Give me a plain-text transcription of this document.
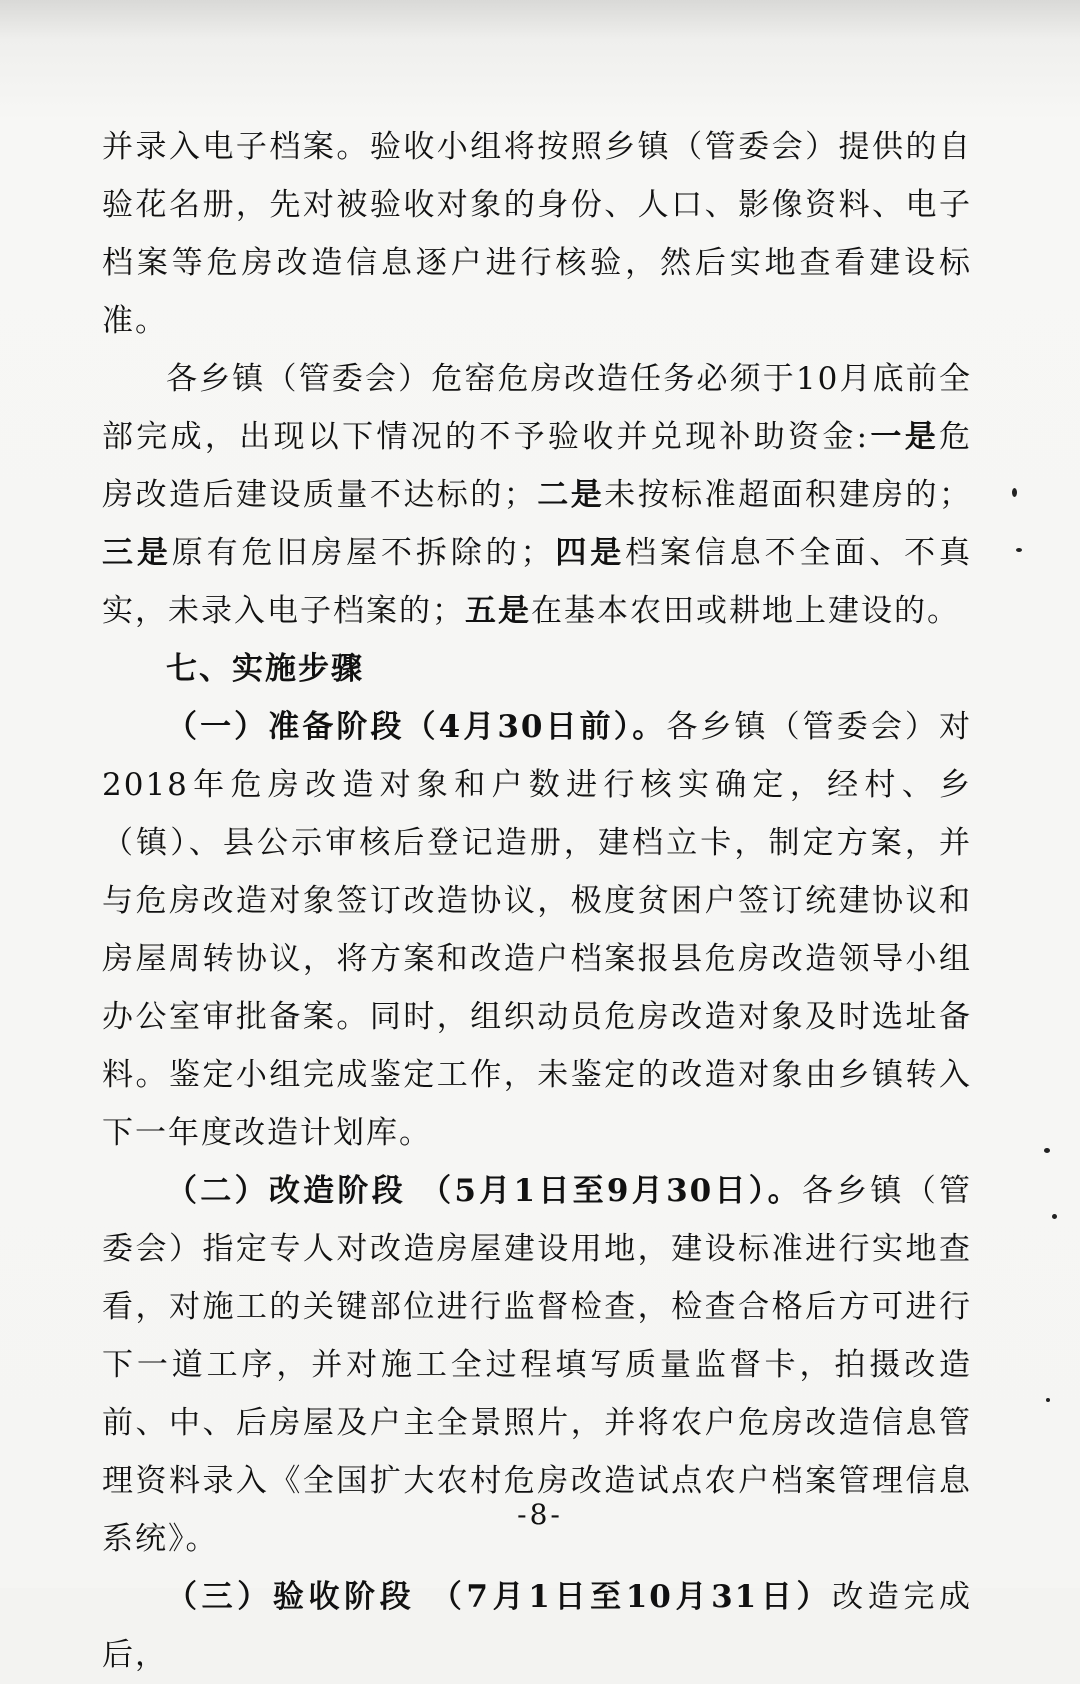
并录入电子档案。验收小组将按照乡镇（管委会）提供的自验花名册，先对被验收对象的身份、人口、影像资料、电子档案等危房改造信息逐户进行核验，然后实地查看建设标准。

各乡镇（管委会）危窑危房改造任务必须于10月底前全部完成，出现以下情况的不予验收并兑现补助资金:一是危房改造后建设质量不达标的；二是未按标准超面积建房的；三是原有危旧房屋不拆除的；四是档案信息不全面、不真实，未录入电子档案的；五是在基本农田或耕地上建设的。

七、实施步骤

（一）准备阶段（4月30日前）。各乡镇（管委会）对2018年危房改造对象和户数进行核实确定，经村、乡（镇）、县公示审核后登记造册，建档立卡，制定方案，并与危房改造对象签订改造协议，极度贫困户签订统建协议和房屋周转协议，将方案和改造户档案报县危房改造领导小组办公室审批备案。同时，组织动员危房改造对象及时选址备料。鉴定小组完成鉴定工作，未鉴定的改造对象由乡镇转入下一年度改造计划库。

（二）改造阶段 （5月1日至9月30日）。各乡镇（管委会）指定专人对改造房屋建设用地，建设标准进行实地查看，对施工的关键部位进行监督检查，检查合格后方可进行下一道工序，并对施工全过程填写质量监督卡，拍摄改造前、中、后房屋及户主全景照片，并将农户危房改造信息管理资料录入《全国扩大农村危房改造试点农户档案管理信息系统》。

（三）验收阶段 （7月1日至10月31日）改造完成后，

-8-
